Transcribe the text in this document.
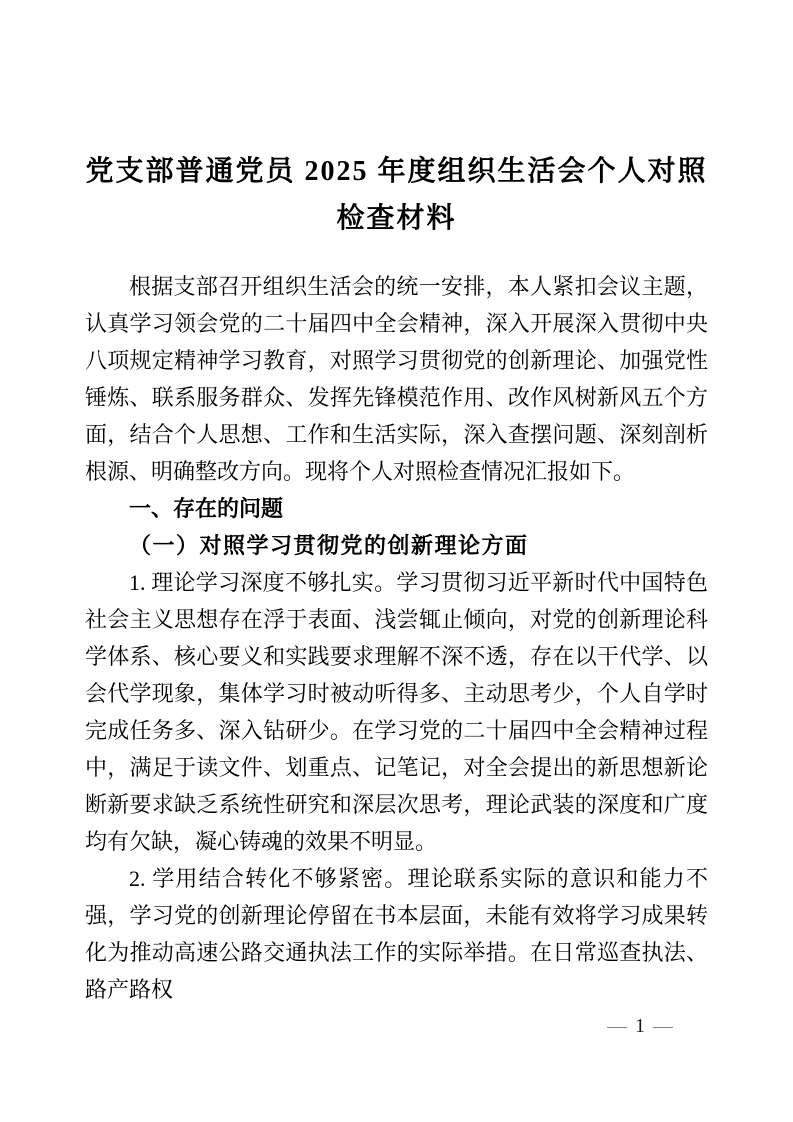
党支部普通党员 2025 年度组织生活会个人对照检查材料

根据支部召开组织生活会的统一安排，本人紧扣会议主题，认真学习领会党的二十届四中全会精神，深入开展深入贯彻中央八项规定精神学习教育，对照学习贯彻党的创新理论、加强党性锤炼、联系服务群众、发挥先锋模范作用、改作风树新风五个方面，结合个人思想、工作和生活实际，深入查摆问题、深刻剖析根源、明确整改方向。现将个人对照检查情况汇报如下。

一、存在的问题
（一）对照学习贯彻党的创新理论方面

1. 理论学习深度不够扎实。学习贯彻习近平新时代中国特色社会主义思想存在浮于表面、浅尝辄止倾向，对党的创新理论科学体系、核心要义和实践要求理解不深不透，存在以干代学、以会代学现象，集体学习时被动听得多、主动思考少，个人自学时完成任务多、深入钻研少。在学习党的二十届四中全会精神过程中，满足于读文件、划重点、记笔记，对全会提出的新思想新论断新要求缺乏系统性研究和深层次思考，理论武装的深度和广度均有欠缺，凝心铸魂的效果不明显。

2. 学用结合转化不够紧密。理论联系实际的意识和能力不强，学习党的创新理论停留在书本层面，未能有效将学习成果转化为推动高速公路交通执法工作的实际举措。在日常巡查执法、路产路权

— 1 —
